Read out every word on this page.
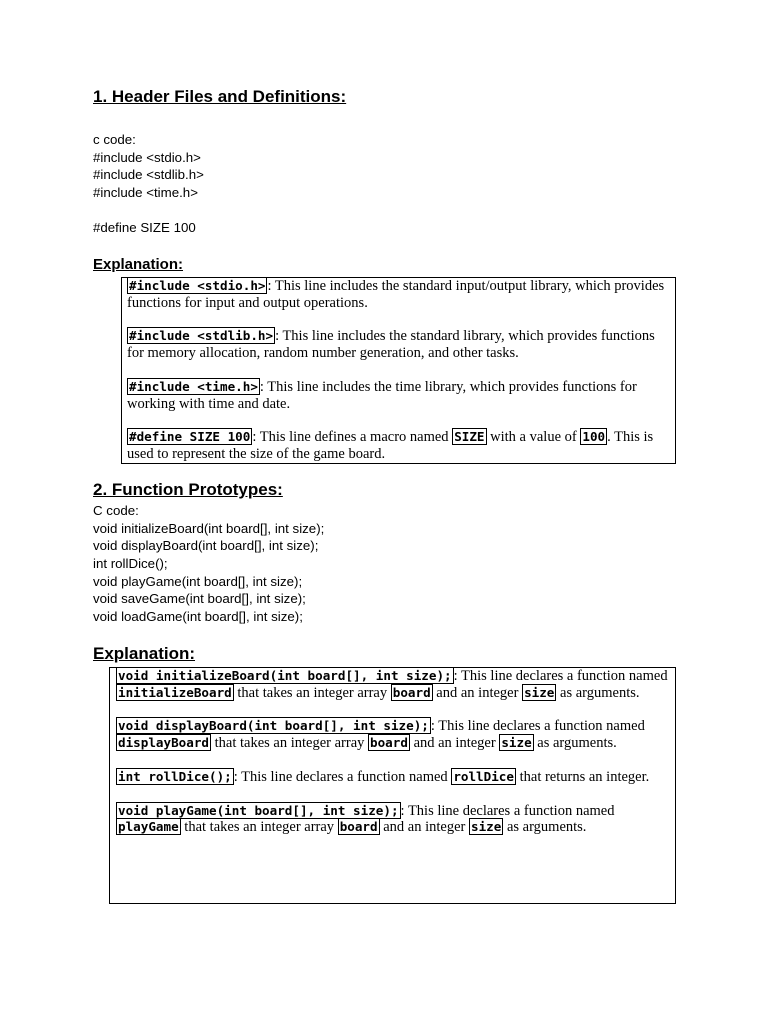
1. Header Files and Definitions:
c code:
#include <stdio.h>
#include <stdlib.h>
#include <time.h>
#define SIZE 100
Explanation:

#include <stdio.h> : This line includes the standard input/output library, which provides functions for input and output operations.

#include <stdlib.h> : This line includes the standard library, which provides functions for memory allocation, random number generation, and other tasks.

#include <time.h> : This line includes the time library, which provides functions for working with time and date.

#define SIZE 100 : This line defines a macro named SIZE with a value of 100 . This is used to represent the size of the game board.

2. Function Prototypes:
C code:
void initializeBoard(int board[], int size);
void displayBoard(int board[], int size);
int rollDice();
void playGame(int board[], int size);
void saveGame(int board[], int size);
void loadGame(int board[], int size);
Explanation:

void initializeBoard(int board[], int size); : This line declares a function named initializeBoard that takes an integer array board and an integer size as arguments.

void displayBoard(int board[], int size); : This line declares a function named displayBoard that takes an integer array board and an integer size as arguments.

int rollDice(); : This line declares a function named rollDice that returns an integer.

void playGame(int board[], int size); : This line declares a function named playGame that takes an integer array board and an integer size as arguments.
